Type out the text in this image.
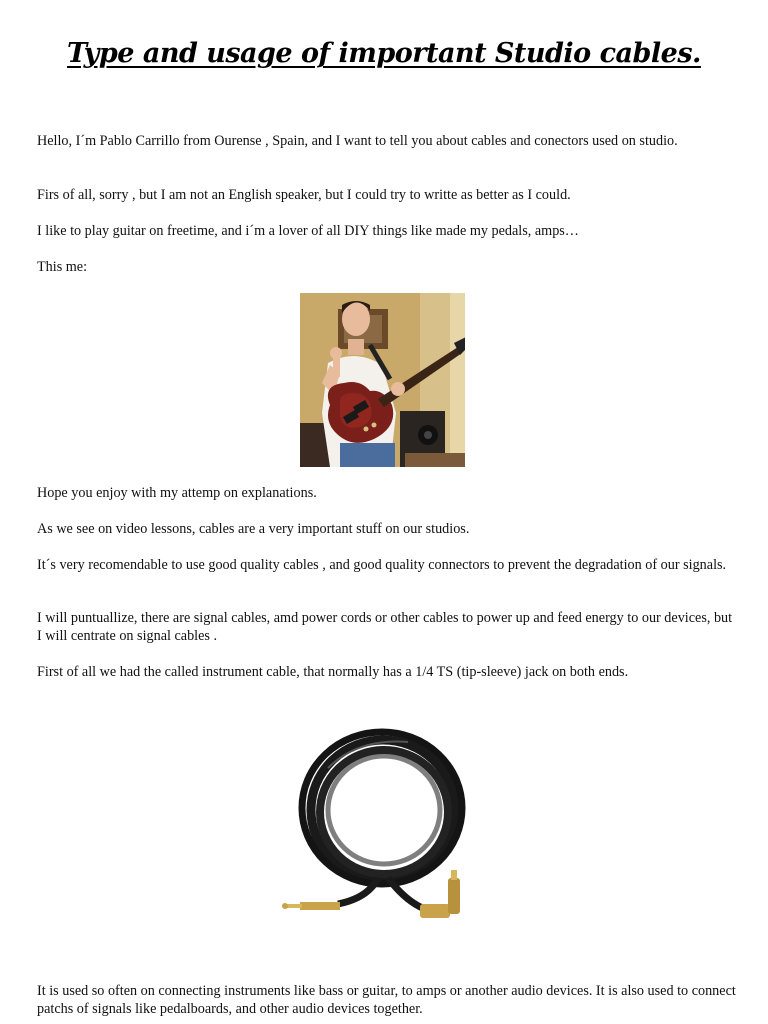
Type and usage of important Studio cables.

Hello, I´m Pablo Carrillo from Ourense , Spain, and I want to tell you about cables and conectors used on studio.

Firs of all, sorry , but I am not an English speaker, but I could try to writte as better as I could.

I like to play guitar on freetime, and i´m a lover of all DIY things like made my pedals, amps…

This me:

Hope you enjoy with my attemp on explanations.

As we see on video lessons, cables are a very important stuff on our studios.

It´s very recomendable to use good quality cables , and good quality connectors to prevent the degradation of our signals.

I will puntuallize, there are signal cables, amd power cords or other cables to power up and feed energy to our devices, but I will centrate on signal cables .

First of all we had the called instrument cable, that normally has a 1/4 TS (tip-sleeve) jack on both ends.

It is used so often on connecting instruments like bass or guitar, to amps or another audio devices. It is also used to connect patchs of signals like pedalboards, and other audio devices together.
